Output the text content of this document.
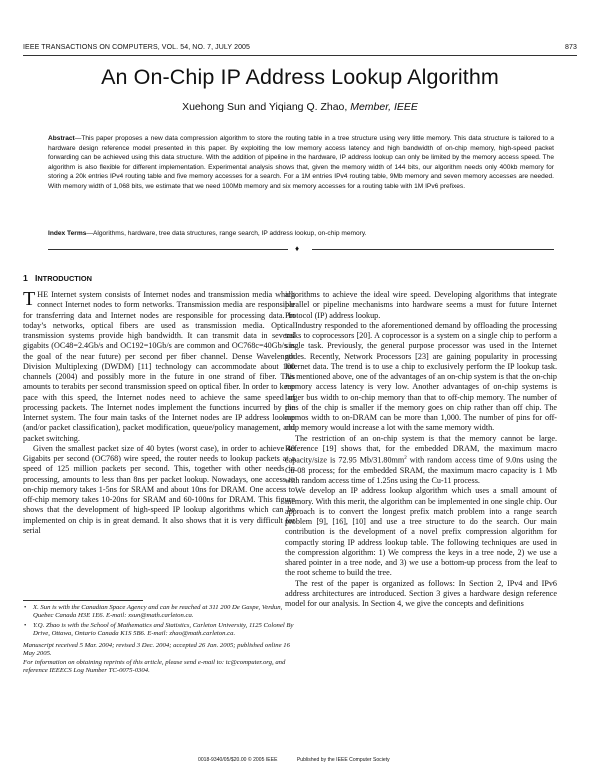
IEEE TRANSACTIONS ON COMPUTERS, VOL. 54, NO. 7, JULY 2005	873
An On-Chip IP Address Lookup Algorithm
Xuehong Sun and Yiqiang Q. Zhao, Member, IEEE
Abstract—This paper proposes a new data compression algorithm to store the routing table in a tree structure using very little memory. This data structure is tailored to a hardware design reference model presented in this paper. By exploiting the low memory access latency and high bandwidth of on-chip memory, high-speed packet forwarding can be achieved using this data structure. With the addition of pipeline in the hardware, IP address lookup can only be limited by the memory access speed. The algorithm is also flexible for different implementation. Experimental analysis shows that, given the memory width of 144 bits, our algorithm needs only 400kb memory for storing a 20k entries IPv4 routing table and five memory accesses for a search. For a 1M entries IPv4 routing table, 9Mb memory and seven memory accesses are needed. With memory width of 1,068 bits, we estimate that we need 100Mb memory and six memory accesses for a routing table with 1M IPv6 prefixes.
Index Terms—Algorithms, hardware, tree data structures, range search, IP address lookup, on-chip memory.
♦
1 INTRODUCTION

THE Internet system consists of Internet nodes and transmission media which connect Internet nodes to form networks. Transmission media are responsible for transferring data and Internet nodes are responsible for processing data. In today’s networks, optical fibers are used as transmission media. Optical transmission systems provide high bandwidth. It can transmit data in several gigabits (OC48=2.4Gb/s and OC192=10Gb/s are common and OC768c=40Gb/s is the goal of the near future) per second per fiber channel. Dense Wavelength Division Multiplexing (DWDM) [11] technology can accommodate about 100 channels (2004) and possibly more in the future in one strand of fiber. This amounts to terabits per second transmission speed on optical fiber. In order to keep pace with this speed, the Internet nodes need to achieve the same speed of processing packets. The Internet nodes implement the functions incurred by the Internet system. The four main tasks of the Internet nodes are IP address lookup (and/or packet classification), packet modification, queue/policy management, and packet switching.

Given the smallest packet size of 40 bytes (worst case), in order to achieve 40 Gigabits per second (OC768) wire speed, the router needs to lookup packets at a speed of 125 million packets per second. This, together with other needs in processing, amounts to less than 8ns per packet lookup. Nowadays, one access to on-chip memory takes 1-5ns for SRAM and about 10ns for DRAM. One access to off-chip memory takes 10-20ns for SRAM and 60-100ns for DRAM. This figure shows that the development of high-speed IP lookup algorithms which can be implemented on chip is in great demand. It also shows that it is very difficult for serial

algorithms to achieve the ideal wire speed. Developing algorithms that integrate parallel or pipeline mechanisms into hardware seems a must for future Internet Protocol (IP) address lookup.

Industry responded to the aforementioned demand by offloading the processing tasks to coprocessors [20]. A coprocessor is a system on a single chip to perform a single task. Previously, the general purpose processor was used in the Internet nodes. Recently, Network Processors [23] are gaining popularity in processing Internet data. The trend is to use a chip to exclusively perform the IP lookup task. As mentioned above, one of the advantages of an on-chip system is that the on-chip memory access latency is very low. Another advantages of on-chip systems is larger bus width to on-chip memory than that to off-chip memory. The number of pins of the chip is smaller if the memory goes on chip rather than off chip. The memos width to on-DRAM can be more than 1,000. The number of pins for off-chip memory would increase a lot with the same memory width.

The restriction of an on-chip system is that the memory cannot be large. Reference [19] shows that, for the embedded DRAM, the maximum macro capacity/size is 72.95 $Mb/31.80mm^2$ with random access time of 9.0ns using the Cu-08 process; for the embedded SRAM, the maximum macro capacity is 1 Mb with random access time of 1.25ns using the Cu-11 process.

We develop an IP address lookup algorithm which uses a small amount of memory. With this merit, the algorithm can be implemented in one single chip. Our approach is to convert the longest prefix match problem into a range search problem [9], [16], [10] and use a tree structure to do the search. Our main contribution is the development of a novel prefix compression algorithm for compactly storing IP address lookup table. The following techniques are used in the compression algorithm: 1) We compress the keys in a tree node, 2) we use a shared pointer in a tree node, and 3) we use a bottom-up process from the leaf to the root scheme to build the tree.

The rest of the paper is organized as follows: In Section 2, IPv4 and IPv6 address architectures are introduced. Section 3 gives a hardware design reference model for our analysis. In Section 4, we give the concepts and definitions

• X. Sun is with the Canadian Space Agency and can be reached at 311 200 De Gaspe, Verdun, Quebec Canada H3E 1E6. E-mail: xsun@math.carleton.ca.
• Y.Q. Zhao is with the School of Mathematics and Statistics, Carleton University, 1125 Colonel By Drive, Ottawa, Ontario Canada K1S 5B6. E-mail: zhao@math.carleton.ca.

Manuscript received 5 Mar. 2004; revised 3 Dec. 2004; accepted 26 Jan. 2005; published online 16 May 2005.

For information on obtaining reprints of this article, please send e-mail to: tc@computer.org, and reference IEEECS Log Number TC-0075-0304.

0018-9340/05/$20.00 © 2005 IEEE	Published by the IEEE Computer Society
